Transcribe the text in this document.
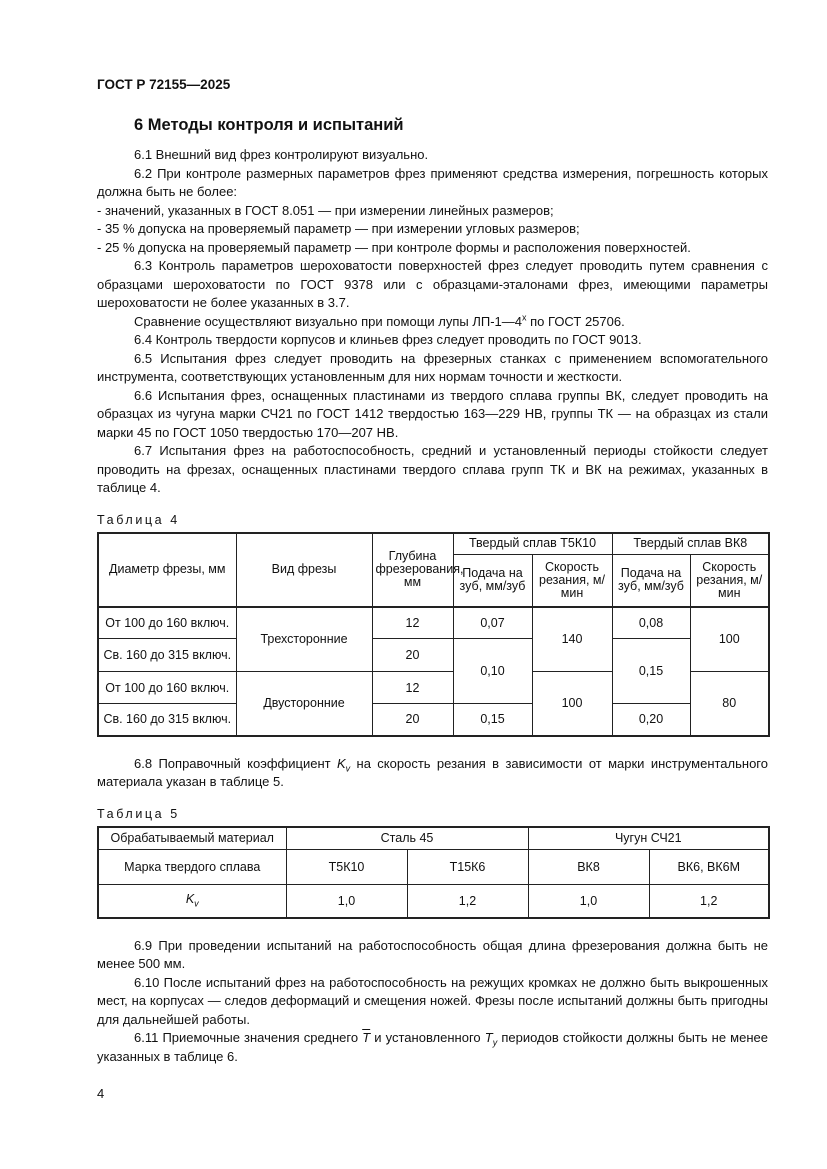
ГОСТ Р 72155—2025
6 Методы контроля и испытаний

6.1 Внешний вид фрез контролируют визуально.

6.2 При контроле размерных параметров фрез применяют средства измерения, погрешность которых должна быть не более:

- значений, указанных в ГОСТ 8.051 — при измерении линейных размеров;

- 35 % допуска на проверяемый параметр — при измерении угловых размеров;

- 25 % допуска на проверяемый параметр — при контроле формы и расположения поверхностей.

6.3 Контроль параметров шероховатости поверхностей фрез следует проводить путем сравнения с образцами шероховатости по ГОСТ 9378 или с образцами-эталонами фрез, имеющими параметры шероховатости не более указанных в 3.7.

Сравнение осуществляют визуально при помощи лупы ЛП-1—4$^x$ по ГОСТ 25706.

6.4 Контроль твердости корпусов и клиньев фрез следует проводить по ГОСТ 9013.

6.5 Испытания фрез следует проводить на фрезерных станках с применением вспомогательного инструмента, соответствующих установленным для них нормам точности и жесткости.

6.6 Испытания фрез, оснащенных пластинами из твердого сплава группы ВК, следует проводить на образцах из чугуна марки СЧ21 по ГОСТ 1412 твердостью 163—229 НВ, группы ТК — на образцах из стали марки 45 по ГОСТ 1050 твердостью 170—207 НВ.

6.7 Испытания фрез на работоспособность, средний и установленный периоды стойкости следует проводить на фрезах, оснащенных пластинами твердого сплава групп ТК и ВК на режимах, указанных в таблице 4.

Таблица 4
Диаметр фрезы, мм	Вид фрезы	Глубина фрезерования, мм	Твердый сплав Т5К10		Твердый сплав ВК8	
			Подача на зуб, мм/зуб	Скорость резания, м/мин	Подача на зуб, мм/зуб	Скорость резания, м/мин
От 100 до 160 включ.	Трехсторонние	12	0,07	140	0,08	100
Св. 160 до 315 включ.		20	0,10		0,15	
От 100 до 160 включ.	Двусторонние	12		100		80
Св. 160 до 315 включ.		20	0,15		0,20	

6.8 Поправочный коэффициент $K_v$ на скорость резания в зависимости от марки инструментального материала указан в таблице 5.

Таблица 5
Обрабатываемый материал	Сталь 45		Чугун СЧ21	
Марка твердого сплава	Т5К10	Т15К6	ВК8	ВК6, ВК6М
$K_v$	1,0	1,2	1,0	1,2

6.9 При проведении испытаний на работоспособность общая длина фрезерования должна быть не менее 500 мм.

6.10 После испытаний фрез на работоспособность на режущих кромках не должно быть выкрошенных мест, на корпусах — следов деформаций и смещения ножей. Фрезы после испытаний должны быть пригодны для дальнейшей работы.

6.11 Приемочные значения среднего $\overline{T}$ и установленного $T_y$ периодов стойкости должны быть не менее указанных в таблице 6.

4
